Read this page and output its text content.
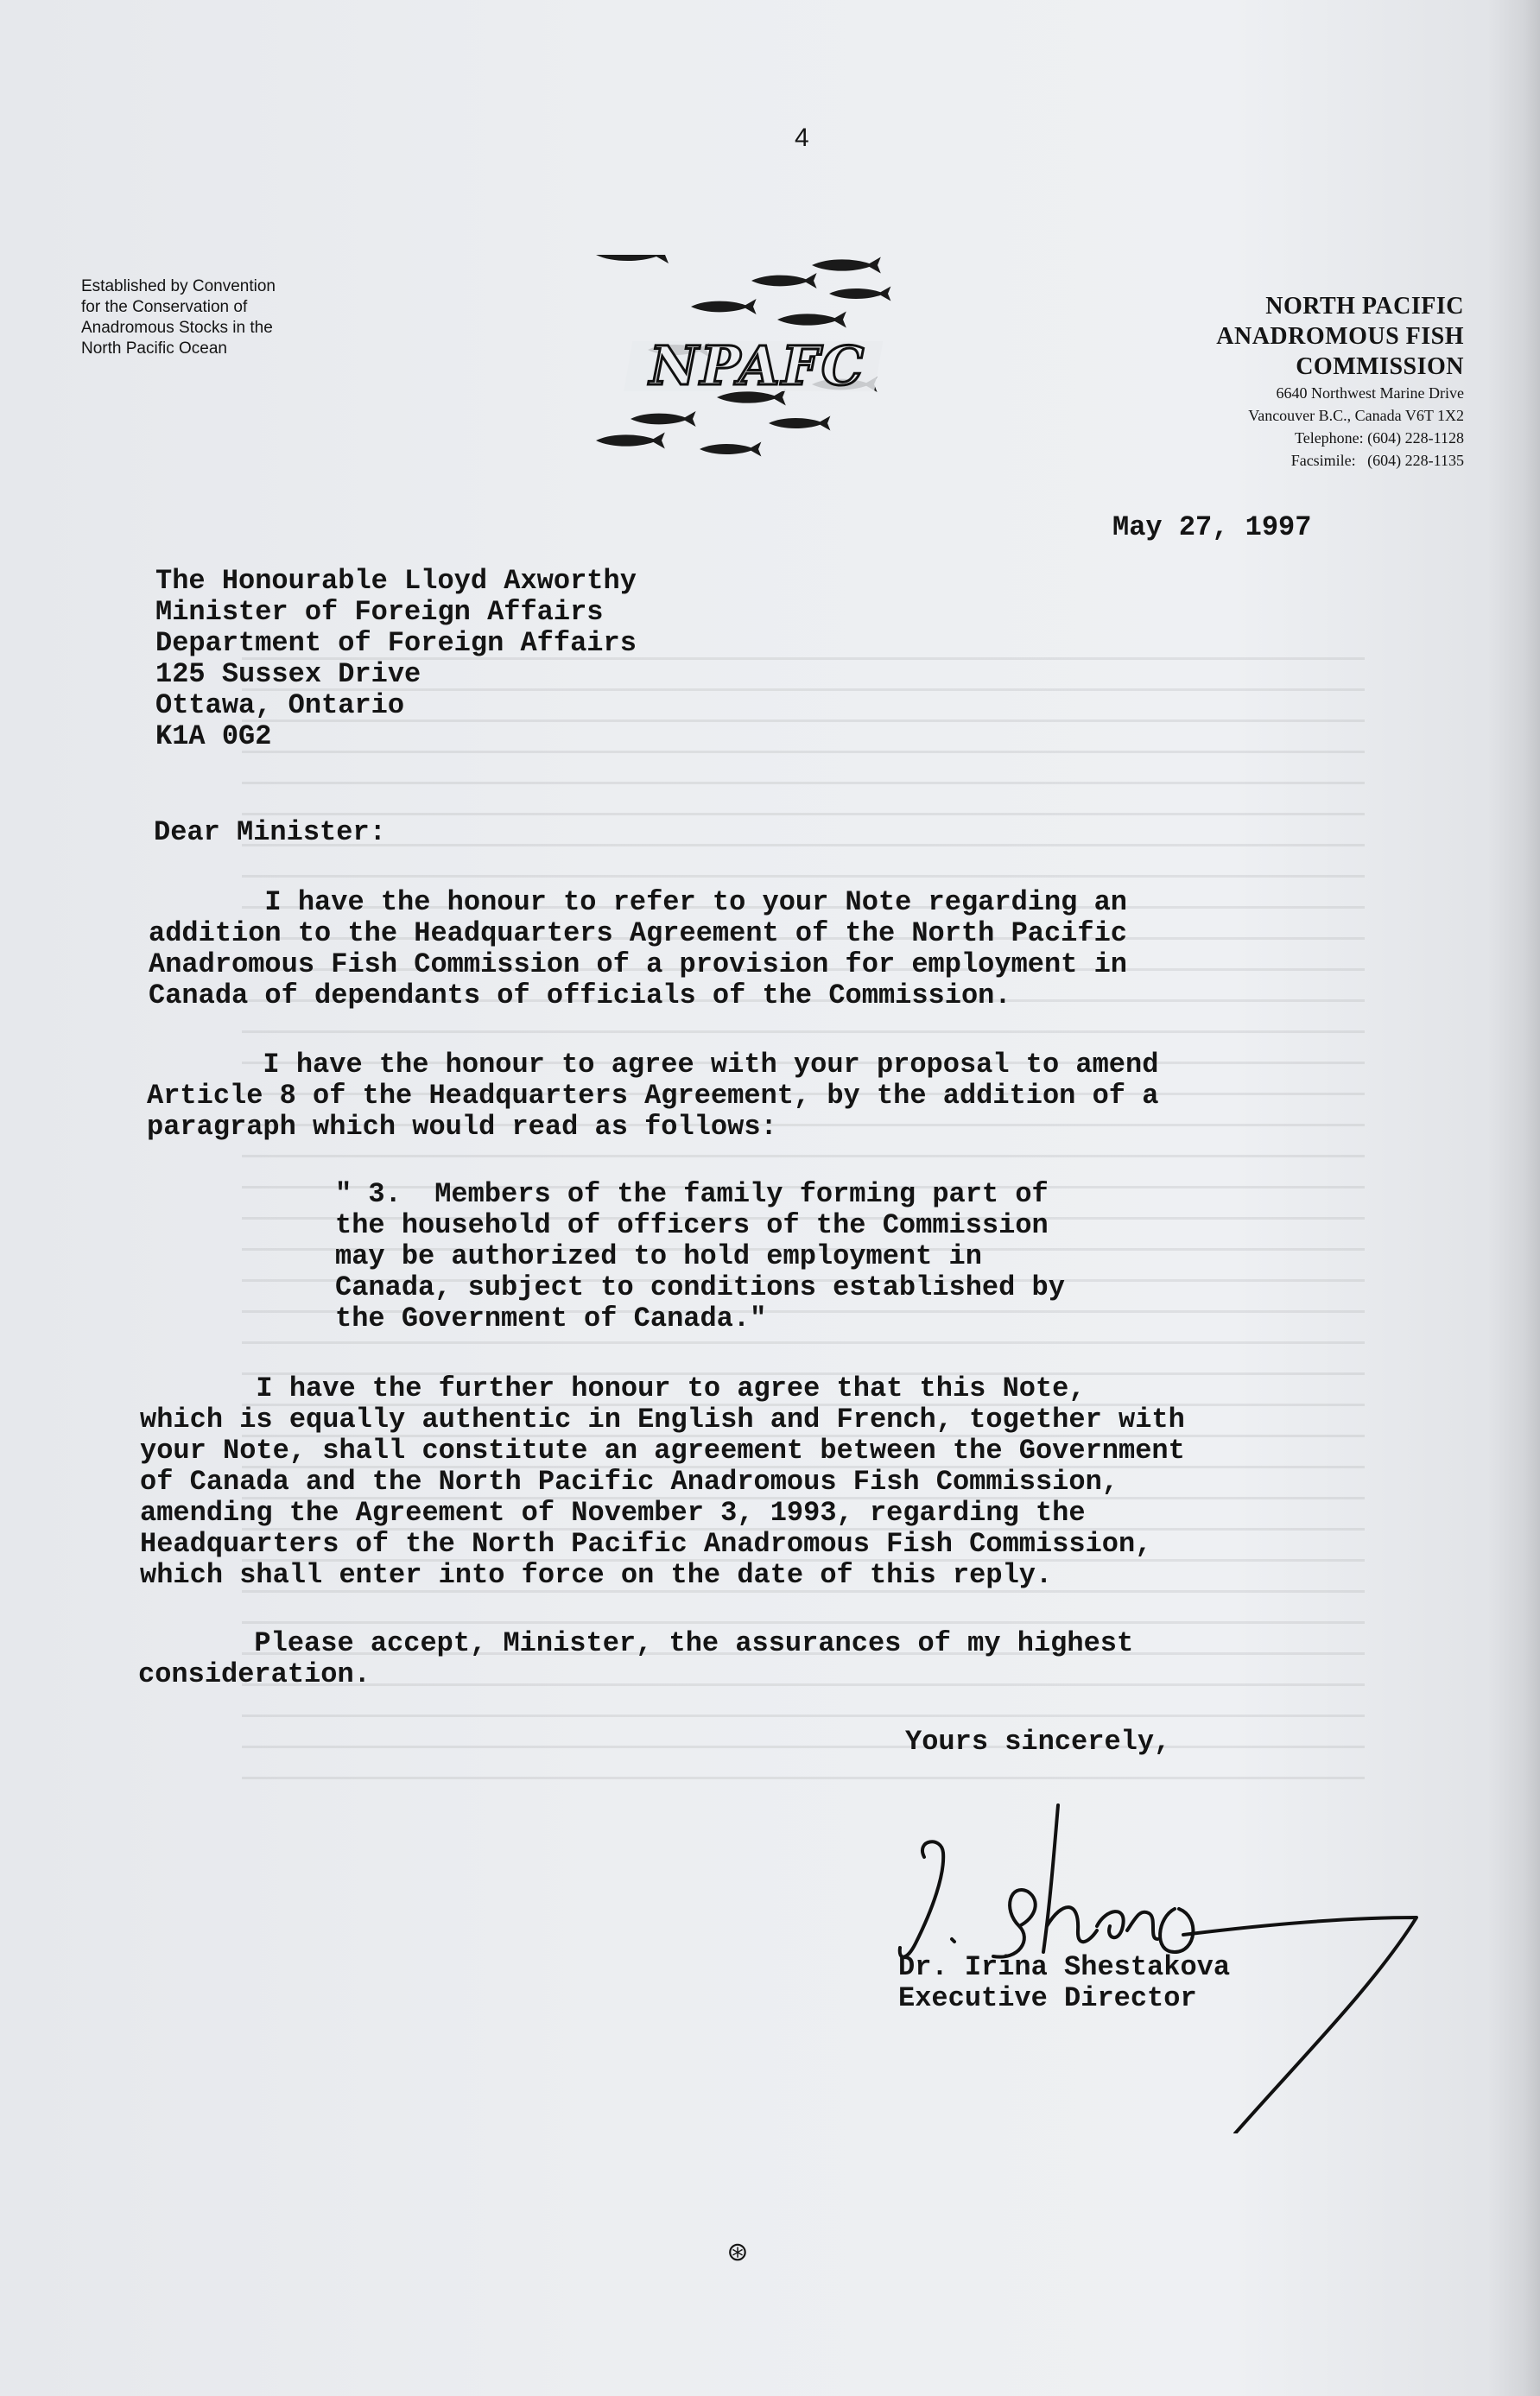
4
Established by Convention
for the Conservation of
Anadromous Stocks in the
North Pacific Ocean	NPAFC
NORTH PACIFIC
ANADROMOUS FISH
COMMISSION
6640 Northwest Marine Drive
Vancouver B.C., Canada V6T 1X2
Telephone: (604) 228-1128
Facsimile:   (604) 228-1135
May 27, 1997
The Honourable Lloyd Axworthy
Minister of Foreign Affairs
Department of Foreign Affairs
125 Sussex Drive
Ottawa, Ontario
K1A 0G2
Dear Minister:
I have the honour to refer to your Note regarding an
addition to the Headquarters Agreement of the North Pacific
Anadromous Fish Commission of a provision for employment in
Canada of dependants of officials of the Commission.
I have the honour to agree with your proposal to amend
Article 8 of the Headquarters Agreement, by the addition of a
paragraph which would read as follows:
" 3.  Members of the family forming part of
the household of officers of the Commission
may be authorized to hold employment in
Canada, subject to conditions established by
the Government of Canada."
I have the further honour to agree that this Note,
which is equally authentic in English and French, together with
your Note, shall constitute an agreement between the Government
of Canada and the North Pacific Anadromous Fish Commission,
amending the Agreement of November 3, 1993, regarding the
Headquarters of the North Pacific Anadromous Fish Commission,
which shall enter into force on the date of this reply.
Please accept, Minister, the assurances of my highest
consideration.
Yours sincerely,
Dr. Irina Shestakova
Executive Director
⊛
